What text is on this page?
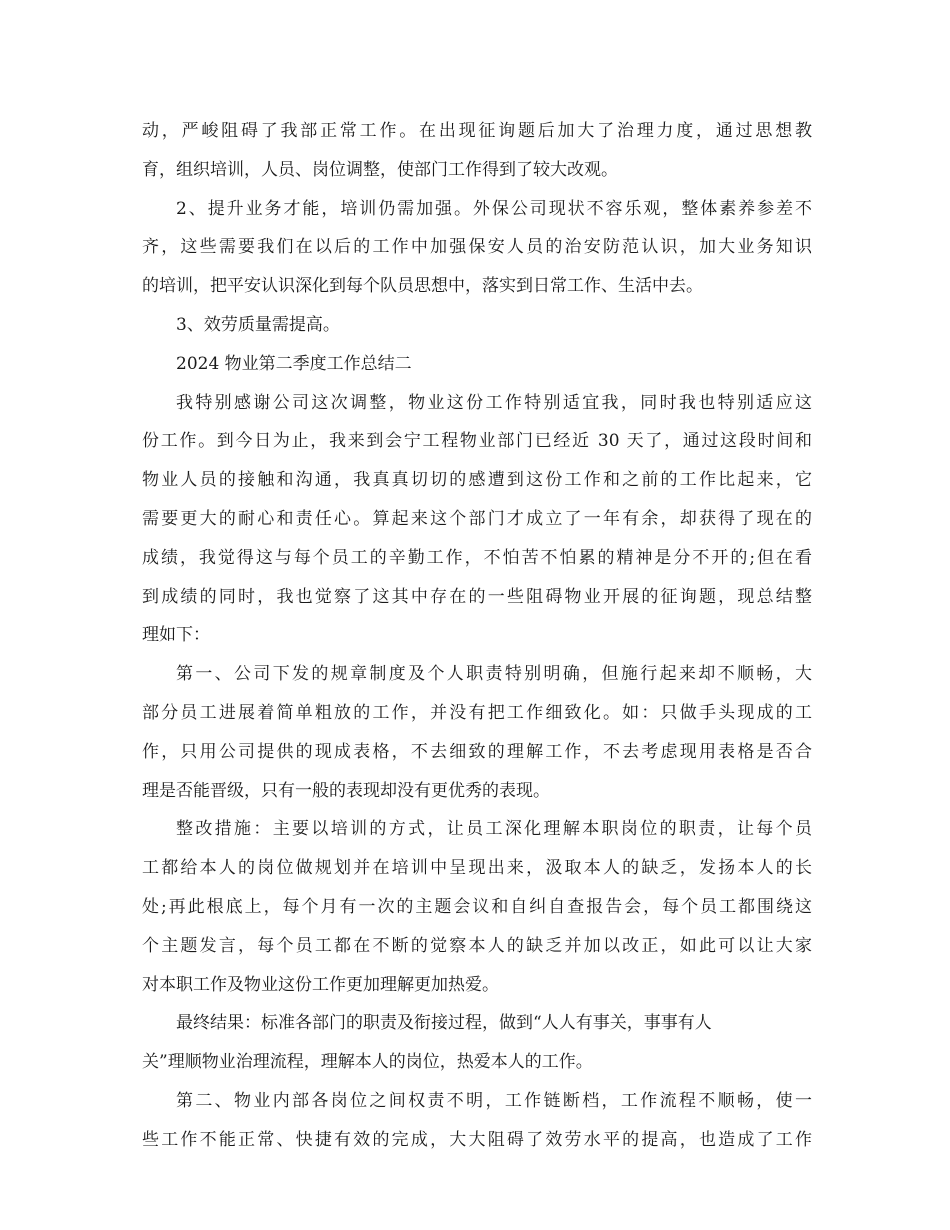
动，严峻阻碍了我部正常工作。在出现征询题后加大了治理力度，通过思想教
育，组织培训，人员、岗位调整，使部门工作得到了较大改观。
2、提升业务才能，培训仍需加强。外保公司现状不容乐观，整体素养参差不
齐，这些需要我们在以后的工作中加强保安人员的治安防范认识，加大业务知识
的培训，把平安认识深化到每个队员思想中，落实到日常工作、生活中去。
3、效劳质量需提高。
2024 物业第二季度工作总结二
我特别感谢公司这次调整，物业这份工作特别适宜我，同时我也特别适应这
份工作。到今日为止，我来到会宁工程物业部门已经近 30 天了，通过这段时间和
物业人员的接触和沟通，我真真切切的感遭到这份工作和之前的工作比起来，它
需要更大的耐心和责任心。算起来这个部门才成立了一年有余，却获得了现在的
成绩，我觉得这与每个员工的辛勤工作，不怕苦不怕累的精神是分不开的;但在看
到成绩的同时，我也觉察了这其中存在的一些阻碍物业开展的征询题，现总结整
理如下：
第一、公司下发的规章制度及个人职责特别明确，但施行起来却不顺畅，大
部分员工进展着简单粗放的工作，并没有把工作细致化。如：只做手头现成的工
作，只用公司提供的现成表格，不去细致的理解工作，不去考虑现用表格是否合
理是否能晋级，只有一般的表现却没有更优秀的表现。
整改措施：主要以培训的方式，让员工深化理解本职岗位的职责，让每个员
工都给本人的岗位做规划并在培训中呈现出来，汲取本人的缺乏，发扬本人的长
处;再此根底上，每个月有一次的主题会议和自纠自查报告会，每个员工都围绕这
个主题发言，每个员工都在不断的觉察本人的缺乏并加以改正，如此可以让大家
对本职工作及物业这份工作更加理解更加热爱。
最终结果：标准各部门的职责及衔接过程，做到“人人有事关，事事有人
关”理顺物业治理流程，理解本人的岗位，热爱本人的工作。
第二、物业内部各岗位之间权责不明，工作链断档，工作流程不顺畅，使一
些工作不能正常、快捷有效的完成，大大阻碍了效劳水平的提高，也造成了工作
